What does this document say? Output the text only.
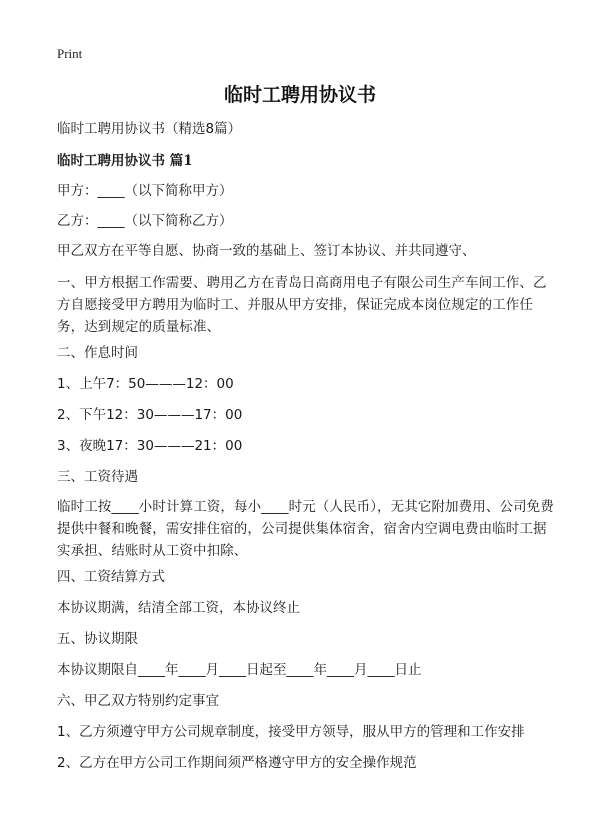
Print
临时工聘用协议书

临时工聘用协议书（精选8篇）

临时工聘用协议书 篇1

甲方：____（以下简称甲方）

乙方：____（以下简称乙方）

甲乙双方在平等自愿、协商一致的基础上、签订本协议、并共同遵守、

一、甲方根据工作需要、聘用乙方在青岛日高商用电子有限公司生产车间工作、乙方自愿接受甲方聘用为临时工、并服从甲方安排，保证完成本岗位规定的工作任务，达到规定的质量标准、

二、作息时间

1、上午7：50———12：00

2、下午12：30———17：00

3、夜晚17：30———21：00

三、工资待遇

临时工按____小时计算工资，每小____时元（人民币），无其它附加费用、公司免费提供中餐和晚餐，需安排住宿的，公司提供集体宿舍，宿舍内空调电费由临时工据实承担、结账时从工资中扣除、

四、工资结算方式

本协议期满，结清全部工资，本协议终止

五、协议期限

本协议期限自____年____月____日起至____年____月____日止

六、甲乙双方特别约定事宜

1、乙方须遵守甲方公司规章制度，接受甲方领导，服从甲方的管理和工作安排

2、乙方在甲方公司工作期间须严格遵守甲方的安全操作规范
